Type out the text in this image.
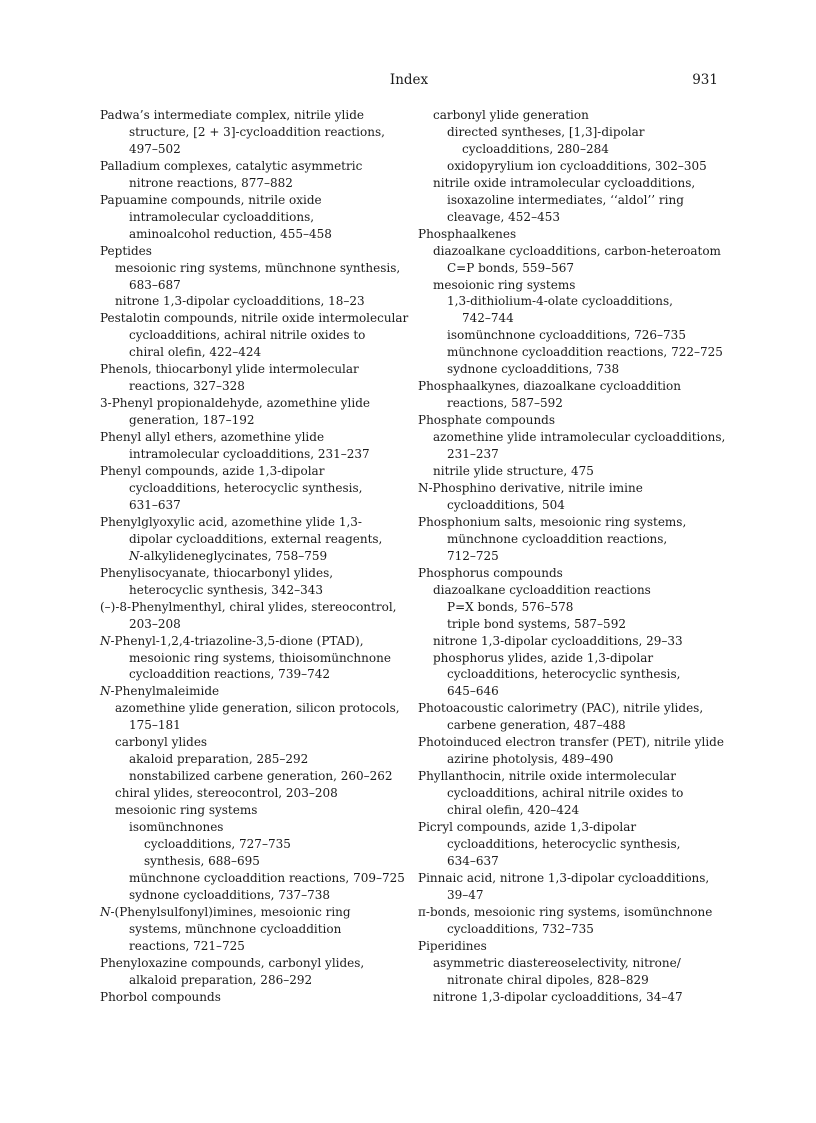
Index	931
Padwa’s intermediate complex, nitrile ylide
structure, [2 + 3]-cycloaddition reactions,
497–502
Palladium complexes, catalytic asymmetric
nitrone reactions, 877–882
Papuamine compounds, nitrile oxide
intramolecular cycloadditions,
aminoalcohol reduction, 455–458
Peptides
mesoionic ring systems, münchnone synthesis,
683–687
nitrone 1,3-dipolar cycloadditions, 18–23
Pestalotin compounds, nitrile oxide intermolecular
cycloadditions, achiral nitrile oxides to
chiral olefin, 422–424
Phenols, thiocarbonyl ylide intermolecular
reactions, 327–328
3-Phenyl propionaldehyde, azomethine ylide
generation, 187–192
Phenyl allyl ethers, azomethine ylide
intramolecular cycloadditions, 231–237
Phenyl compounds, azide 1,3-dipolar
cycloadditions, heterocyclic synthesis,
631–637
Phenylglyoxylic acid, azomethine ylide 1,3-
dipolar cycloadditions, external reagents,
N-alkylideneglycinates, 758–759
Phenylisocyanate, thiocarbonyl ylides,
heterocyclic synthesis, 342–343
(–)-8-Phenylmenthyl, chiral ylides, stereocontrol,
203–208
N-Phenyl-1,2,4-triazoline-3,5-dione (PTAD),
mesoionic ring systems, thioisomünchnone
cycloaddition reactions, 739–742
N-Phenylmaleimide
azomethine ylide generation, silicon protocols,
175–181
carbonyl ylides
akaloid preparation, 285–292
nonstabilized carbene generation, 260–262
chiral ylides, stereocontrol, 203–208
mesoionic ring systems
isomünchnones
cycloadditions, 727–735
synthesis, 688–695
münchnone cycloaddition reactions, 709–725
sydnone cycloadditions, 737–738
N-(Phenylsulfonyl)imines, mesoionic ring
systems, münchnone cycloaddition
reactions, 721–725
Phenyloxazine compounds, carbonyl ylides,
alkaloid preparation, 286–292
Phorbol compounds
carbonyl ylide generation
directed syntheses, [1,3]-dipolar
cycloadditions, 280–284
oxidopyrylium ion cycloadditions, 302–305
nitrile oxide intramolecular cycloadditions,
isoxazoline intermediates, ‘‘aldol’’ ring
cleavage, 452–453
Phosphaalkenes
diazoalkane cycloadditions, carbon-heteroatom
C=P bonds, 559–567
mesoionic ring systems
1,3-dithiolium-4-olate cycloadditions,
742–744
isomünchnone cycloadditions, 726–735
münchnone cycloaddition reactions, 722–725
sydnone cycloadditions, 738
Phosphaalkynes, diazoalkane cycloaddition
reactions, 587–592
Phosphate compounds
azomethine ylide intramolecular cycloadditions,
231–237
nitrile ylide structure, 475
N-Phosphino derivative, nitrile imine
cycloadditions, 504
Phosphonium salts, mesoionic ring systems,
münchnone cycloaddition reactions,
712–725
Phosphorus compounds
diazoalkane cycloaddition reactions
P=X bonds, 576–578
triple bond systems, 587–592
nitrone 1,3-dipolar cycloadditions, 29–33
phosphorus ylides, azide 1,3-dipolar
cycloadditions, heterocyclic synthesis,
645–646
Photoacoustic calorimetry (PAC), nitrile ylides,
carbene generation, 487–488
Photoinduced electron transfer (PET), nitrile ylide
azirine photolysis, 489–490
Phyllanthocin, nitrile oxide intermolecular
cycloadditions, achiral nitrile oxides to
chiral olefin, 420–424
Picryl compounds, azide 1,3-dipolar
cycloadditions, heterocyclic synthesis,
634–637
Pinnaic acid, nitrone 1,3-dipolar cycloadditions,
39–47
π-bonds, mesoionic ring systems, isomünchnone
cycloadditions, 732–735
Piperidines
asymmetric diastereoselectivity, nitrone/
nitronate chiral dipoles, 828–829
nitrone 1,3-dipolar cycloadditions, 34–47
